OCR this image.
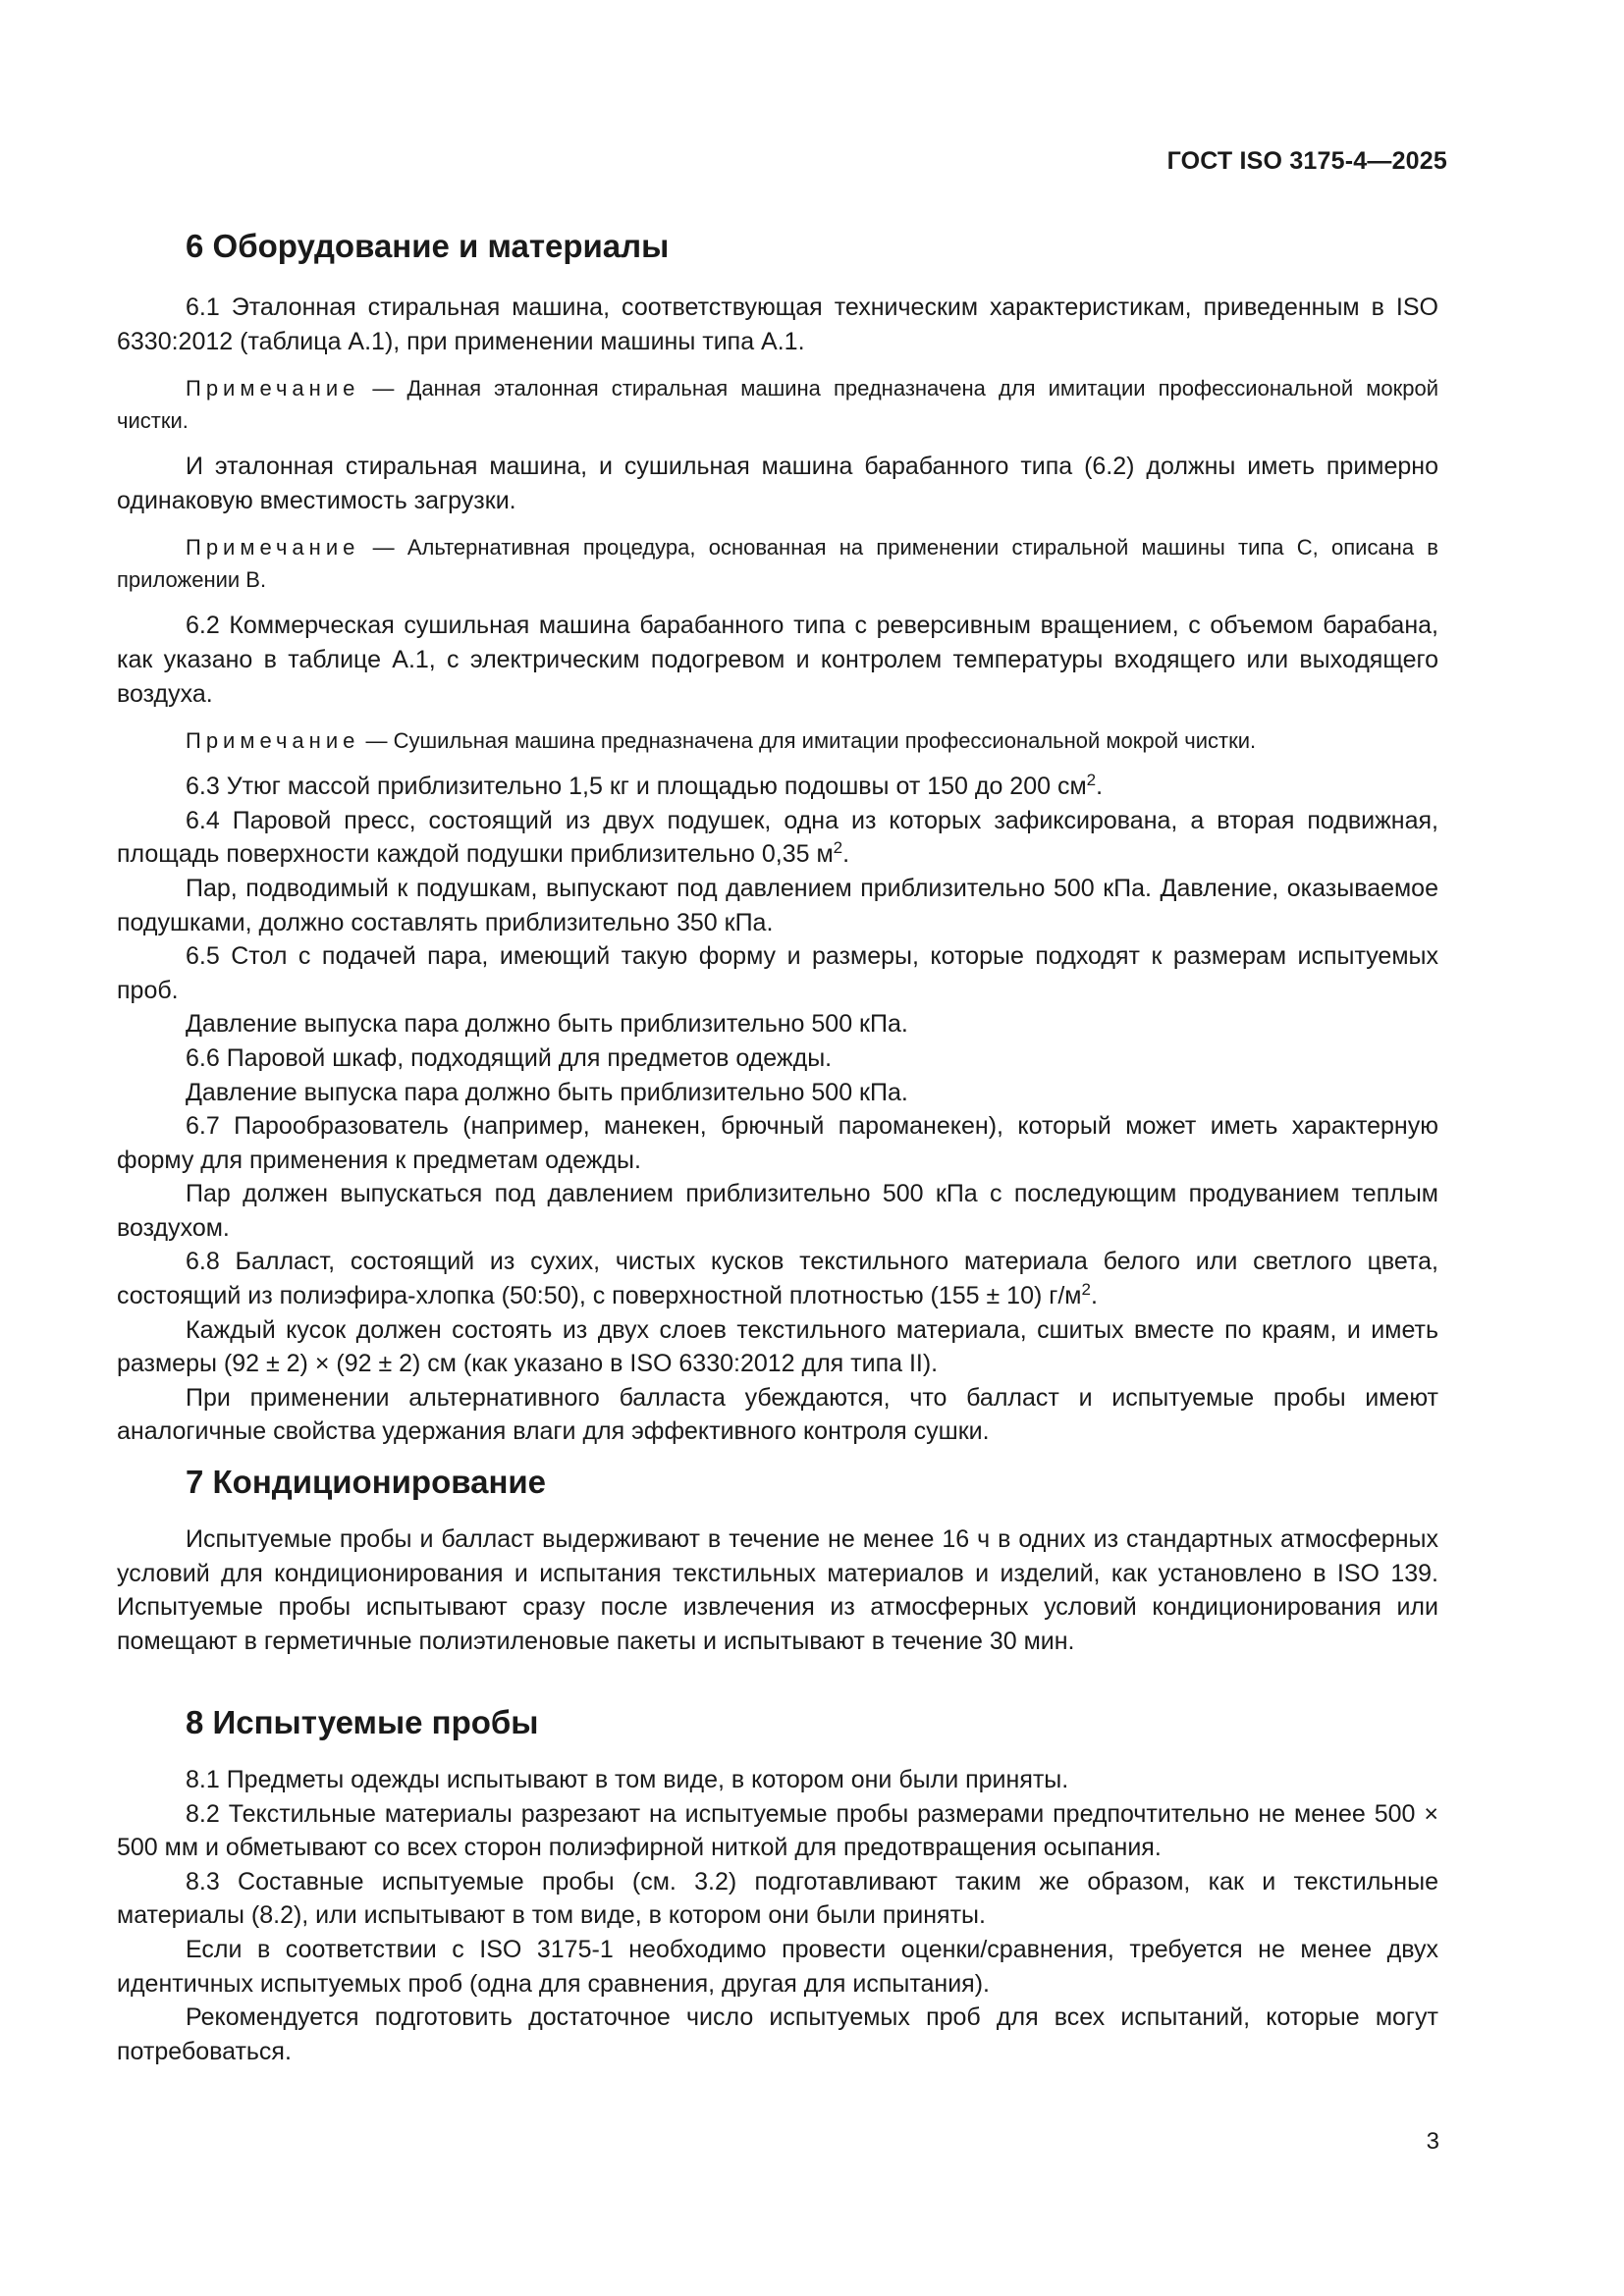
ГОСТ ISO 3175-4—2025
6 Оборудование и материалы

6.1 Эталонная стиральная машина, соответствующая техническим характеристикам, приведенным в ISO 6330:2012 (таблица А.1), при применении машины типа А.1.

Примечание — Данная эталонная стиральная машина предназначена для имитации профессиональной мокрой чистки.

И эталонная стиральная машина, и сушильная машина барабанного типа (6.2) должны иметь примерно одинаковую вместимость загрузки.

Примечание — Альтернативная процедура, основанная на применении стиральной машины типа С, описана в приложении В.

6.2 Коммерческая сушильная машина барабанного типа с реверсивным вращением, с объемом барабана, как указано в таблице А.1, с электрическим подогревом и контролем температуры входящего или выходящего воздуха.

Примечание — Сушильная машина предназначена для имитации профессиональной мокрой чистки.

6.3 Утюг массой приблизительно 1,5 кг и площадью подошвы от 150 до 200 $см^2$.

6.4 Паровой пресс, состоящий из двух подушек, одна из которых зафиксирована, а вторая подвижная, площадь поверхности каждой подушки приблизительно 0,35 $м^2$.

Пар, подводимый к подушкам, выпускают под давлением приблизительно 500 кПа. Давление, оказываемое подушками, должно составлять приблизительно 350 кПа.

6.5 Стол с подачей пара, имеющий такую форму и размеры, которые подходят к размерам испытуемых проб.

Давление выпуска пара должно быть приблизительно 500 кПа.

6.6 Паровой шкаф, подходящий для предметов одежды.

Давление выпуска пара должно быть приблизительно 500 кПа.

6.7 Парообразователь (например, манекен, брючный пароманекен), который может иметь характерную форму для применения к предметам одежды.

Пар должен выпускаться под давлением приблизительно 500 кПа с последующим продуванием теплым воздухом.

6.8 Балласт, состоящий из сухих, чистых кусков текстильного материала белого или светлого цвета, состоящий из полиэфира-хлопка (50:50), с поверхностной плотностью (155 ± 10) $г/м^2$.

Каждый кусок должен состоять из двух слоев текстильного материала, сшитых вместе по краям, и иметь размеры (92 ± 2) × (92 ± 2) см (как указано в ISO 6330:2012 для типа II).

При применении альтернативного балласта убеждаются, что балласт и испытуемые пробы имеют аналогичные свойства удержания влаги для эффективного контроля сушки.

7 Кондиционирование

Испытуемые пробы и балласт выдерживают в течение не менее 16 ч в одних из стандартных атмосферных условий для кондиционирования и испытания текстильных материалов и изделий, как установлено в ISO 139. Испытуемые пробы испытывают сразу после извлечения из атмосферных условий кондиционирования или помещают в герметичные полиэтиленовые пакеты и испытывают в течение 30 мин.

8 Испытуемые пробы

8.1 Предметы одежды испытывают в том виде, в котором они были приняты.

8.2 Текстильные материалы разрезают на испытуемые пробы размерами предпочтительно не менее 500 × 500 мм и обметывают со всех сторон полиэфирной ниткой для предотвращения осыпания.

8.3 Составные испытуемые пробы (см. 3.2) подготавливают таким же образом, как и текстильные материалы (8.2), или испытывают в том виде, в котором они были приняты.

Если в соответствии с ISO 3175-1 необходимо провести оценки/сравнения, требуется не менее двух идентичных испытуемых проб (одна для сравнения, другая для испытания).

Рекомендуется подготовить достаточное число испытуемых проб для всех испытаний, которые могут потребоваться.

3
